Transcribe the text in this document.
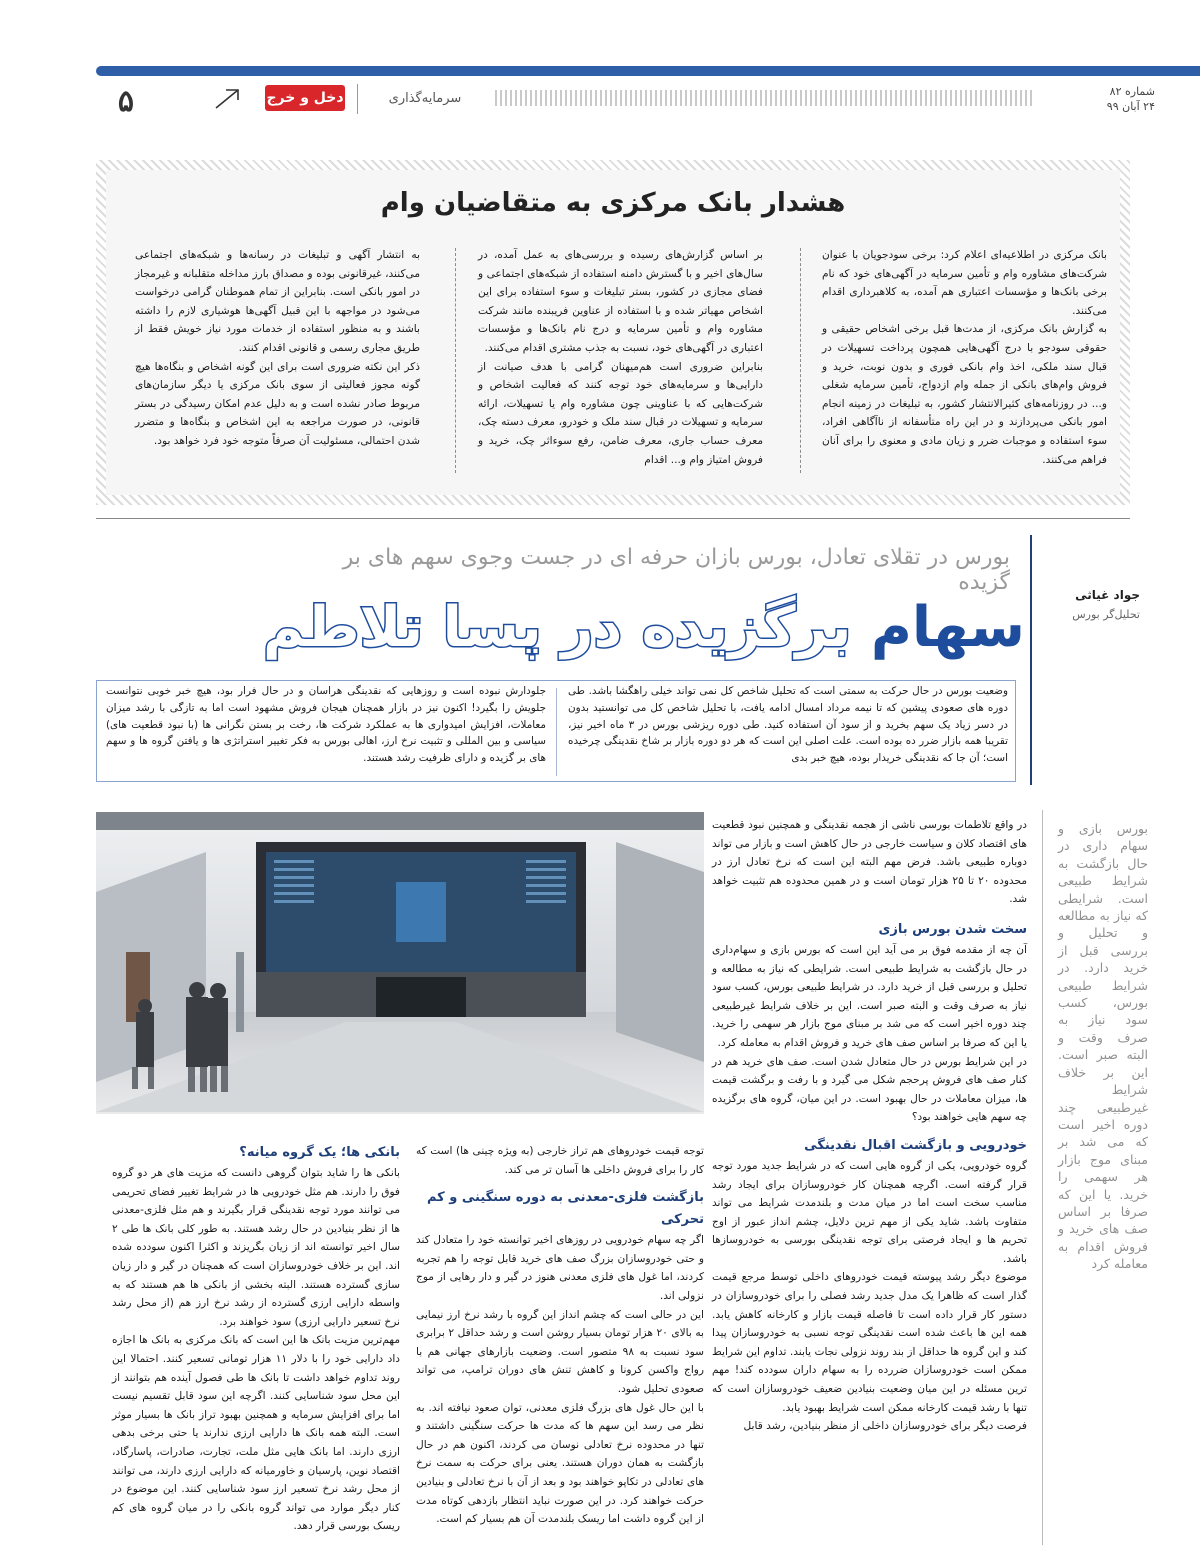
۵	دخل و خرج	سرمایه‌گذاری	شماره ۸۲
۲۴ آبان ۹۹
هشدار بانک مرکزی به متقاضیان وام

بانک مرکزی در اطلاعیه‌ای اعلام کرد: برخی سودجویان با عنوان شرکت‌های مشاوره وام و تأمین سرمایه در آگهی‌های خود که نام برخی بانک‌ها و مؤسسات اعتباری هم آمده، به کلاهبرداری اقدام می‌کنند.

به گزارش بانک مرکزی، از مدت‌ها قبل برخی اشخاص حقیقی و حقوقی سودجو با درج آگهی‌هایی همچون پرداخت تسهیلات در قبال سند ملکی، اخذ وام بانکی فوری و بدون نوبت، خرید و فروش وام‌های بانکی از جمله وام ازدواج، تأمین سرمایه شغلی و... در روزنامه‌های کثیرالانتشار کشور، به تبلیغات در زمینه انجام امور بانکی می‌پردازند و در این راه متأسفانه از ناآگاهی افراد، سوء استفاده و موجبات ضرر و زیان مادی و معنوی را برای آنان فراهم می‌کنند.

بر اساس گزارش‌های رسیده و بررسی‌های به عمل آمده، در سال‌های اخیر و با گسترش دامنه استفاده از شبکه‌های اجتماعی و فضای مجازی در کشور، بستر تبلیغات و سوء استفاده برای این اشخاص مهیاتر شده و با استفاده از عناوین فریبنده مانند شرکت مشاوره وام و تأمین سرمایه و درج نام بانک‌ها و مؤسسات اعتباری در آگهی‌های خود، نسبت به جذب مشتری اقدام می‌کنند.

بنابراین ضروری است هم‌میهنان گرامی با هدف صیانت از دارایی‌ها و سرمایه‌های خود توجه کنند که فعالیت اشخاص و شرکت‌هایی که با عناوینی چون مشاوره وام یا تسهیلات، ارائه سرمایه و تسهیلات در قبال سند ملک و خودرو، معرف دسته چک، معرف حساب جاری، معرف ضامن، رفع سوءاثر چک، خرید و فروش امتیاز وام و... اقدام

به انتشار آگهی و تبلیغات در رسانه‌ها و شبکه‌های اجتماعی می‌کنند، غیرقانونی بوده و مصداق بارز مداخله متقلبانه و غیرمجاز در امور بانکی است. بنابراین از تمام هموطنان گرامی درخواست می‌شود در مواجهه با این قبیل آگهی‌ها هوشیاری لازم را داشته باشند و به منظور استفاده از خدمات مورد نیاز خویش فقط از طریق مجاری رسمی و قانونی اقدام کنند.

ذکر این نکته ضروری است برای این گونه اشخاص و بنگاه‌ها هیچ گونه مجوز فعالیتی از سوی بانک مرکزی یا دیگر سازمان‌های مربوط صادر نشده است و به دلیل عدم امکان رسیدگی در بستر قانونی، در صورت مراجعه به این اشخاص و بنگاه‌ها و متضرر شدن احتمالی، مسئولیت آن صرفاً متوجه خود فرد خواهد بود.

جواد غیاثی
تحلیل‌گر بورس
بورس در تقلای تعادل، بورس بازان حرفه ای در جست وجوی سهم های بر گزیده
سهام برگزیده در پسا تلاطم
وضعیت بورس در حال حرکت به سمتی است که تحلیل شاخص کل نمی تواند خیلی راهگشا باشد. طی دوره های صعودی پیشین که تا نیمه مرداد امسال ادامه یافت، با تحلیل شاخص کل می توانستید بدون در دسر زیاد یک سهم بخرید و از سود آن استفاده کنید. طی دوره ریزشی بورس در ۳ ماه اخیر نیز، تقریبا همه بازار ضرر ده بوده است. علت اصلی این است که هر دو دوره بازار بر شاخ نقدینگی چرخیده است؛ آن جا که نقدینگی خریدار بوده، هیچ خبر بدی
جلودارش نبوده است و روزهایی که نقدینگی هراسان و در حال فرار بود، هیچ خبر خوبی نتوانست جلویش را بگیرد! اکنون نیز در بازار همچنان هیجان فروش مشهود است اما به تازگی با رشد میزان معاملات، افزایش امیدواری ها به عملکرد شرکت ها، رخت بر بستن نگرانی ها (با نبود قطعیت های) سیاسی و بین المللی و تثبیت نرخ ارز، اهالی بورس به فکر تغییر استراتژی ها و یافتن گروه ها و سهم های بر گزیده و دارای ظرفیت رشد هستند.
بورس بازی و سهام داری در حال بازگشت به شرایط طبیعی است. شرایطی که نیاز به مطالعه و تحلیل و بررسی قبل از خرید دارد. در شرایط طبیعی بورس، کسب سود نیاز به صرف وقت و البته صبر است. این بر خلاف شرایط غیرطبیعی چند دوره اخیر است که می شد بر مبنای موج بازار هر سهمی را خرید. یا این که صرفا بر اساس صف های خرید و فروش اقدام به معامله کرد

در واقع تلاطمات بورسی ناشی از هجمه نقدینگی و همچنین نبود قطعیت های اقتصاد کلان و سیاست خارجی در حال کاهش است و بازار می تواند دوباره طبیعی باشد. فرض مهم البته این است که نرخ تعادل ارز در محدوده ۲۰ تا ۲۵ هزار تومان است و در همین محدوده هم تثبیت خواهد شد.

سخت شدن بورس بازی

آن چه از مقدمه فوق بر می آید این است که بورس بازی و سهام‌داری در حال بازگشت به شرایط طبیعی است. شرایطی که نیاز به مطالعه و تحلیل و بررسی قبل از خرید دارد. در شرایط طبیعی بورس، کسب سود نیاز به صرف وقت و البته صبر است. این بر خلاف شرایط غیرطبیعی چند دوره اخیر است که می شد بر مبنای موج بازار هر سهمی را خرید. یا این که صرفا بر اساس صف های خرید و فروش اقدام به معامله کرد.

در این شرایط بورس در حال متعادل شدن است. صف های خرید هم در کنار صف های فروش پرحجم شکل می گیرد و با رفت و برگشت قیمت ها، میزان معاملات در حال بهبود است. در این میان، گروه های برگزیده چه سهم هایی خواهند بود؟

خودرویی و بازگشت اقبال نقدینگی

گروه خودرویی، یکی از گروه هایی است که در شرایط جدید مورد توجه قرار گرفته است. اگرچه همچنان کار خودروسازان برای ایجاد رشد مناسب سخت است اما در میان مدت و بلندمدت شرایط می تواند متفاوت باشد. شاید یکی از مهم ترین دلایل، چشم انداز عبور از اوج تحریم ها و ایجاد فرصتی برای توجه نقدینگی بورسی به خودروسازها باشد.

موضوع دیگر رشد پیوسته قیمت خودروهای داخلی توسط مرجع قیمت گذار است که ظاهرا یک مدل جدید رشد فصلی را برای خودروسازان در دستور کار قرار داده است تا فاصله قیمت بازار و کارخانه کاهش یابد. همه این ها باعث شده است نقدینگی توجه نسبی به خودروسازان پیدا کند و این گروه ها حداقل از بند روند نزولی نجات یابند. تداوم این شرایط ممکن است خودروسازان ضررده را به سهام داران سودده کند! مهم ترین مسئله در این میان وضعیت بنیادین ضعیف خودروسازان است که تنها با رشد قیمت کارخانه ممکن است شرایط بهبود یابد.

فرصت دیگر برای خودروسازان داخلی از منظر بنیادین، رشد قابل

توجه قیمت خودروهای هم تراز خارجی (به ویژه چینی ها) است که کار را برای فروش داخلی ها آسان تر می کند.

بازگشت فلزی-معدنی به دوره سنگینی و کم تحرکی

اگر چه سهام خودرویی در روزهای اخیر توانسته خود را متعادل کند و حتی خودروسازان بزرگ صف های خرید قابل توجه را هم تجربه کردند، اما غول های فلزی معدنی هنوز در گیر و دار رهایی از موج نزولی اند.

این در حالی است که چشم انداز این گروه با رشد نرخ ارز نیمایی به بالای ۲۰ هزار تومان بسیار روشن است و رشد حداقل ۲ برابری سود نسبت به ۹۸ متصور است. وضعیت بازارهای جهانی هم با رواج واکسن کرونا و کاهش تنش های دوران ترامپ، می تواند صعودی تحلیل شود.

با این حال غول های بزرگ فلزی معدنی، توان صعود نیافته اند. به نظر می رسد این سهم ها که مدت ها حرکت سنگینی داشتند و تنها در محدوده نرخ تعادلی نوسان می کردند، اکنون هم در حال بازگشت به همان دوران هستند. یعنی برای حرکت به سمت نرخ های تعادلی در تکاپو خواهند بود و بعد از آن با نرخ تعادلی و بنیادین حرکت خواهند کرد. در این صورت نباید انتظار بازدهی کوتاه مدت از این گروه داشت اما ریسک بلندمدت آن هم بسیار کم است.

بانکی ها؛ یک گروه میانه؟

بانکی ها را شاید بتوان گروهی دانست که مزیت های هر دو گروه فوق را دارند. هم مثل خودرویی ها در شرایط تغییر فضای تحریمی می توانند مورد توجه نقدینگی قرار بگیرند و هم مثل فلزی-معدنی ها از نظر بنیادین در حال رشد هستند. به طور کلی بانک ها طی ۲ سال اخیر توانسته اند از زیان بگریزند و اکثرا اکنون سودده شده اند. این بر خلاف خودروسازان است که همچنان در گیر و دار زیان سازی گسترده هستند. البته بخشی از بانکی ها هم هستند که به واسطه دارایی ارزی گسترده از رشد نرخ ارز هم (از محل رشد نرخ تسعیر دارایی ارزی) سود خواهند برد.

مهم‌ترین مزیت بانک ها این است که بانک مرکزی به بانک ها اجازه داد دارایی خود را با دلار ۱۱ هزار تومانی تسعیر کنند. احتمالا این روند تداوم خواهد داشت تا بانک ها طی فصول آینده هم بتوانند از این محل سود شناسایی کنند. اگرچه این سود قابل تقسیم نیست اما برای افزایش سرمایه و همچنین بهبود تراز بانک ها بسیار موثر است. البته همه بانک ها دارایی ارزی ندارند یا حتی برخی بدهی ارزی دارند. اما بانک هایی مثل ملت، تجارت، صادرات، پاسارگاد، اقتصاد نوین، پارسیان و خاورمیانه که دارایی ارزی دارند، می توانند از محل رشد نرخ تسعیر ارز سود شناسایی کنند. این موضوع در کنار دیگر موارد می تواند گروه بانکی را در میان گروه های کم ریسک بورسی قرار دهد.
